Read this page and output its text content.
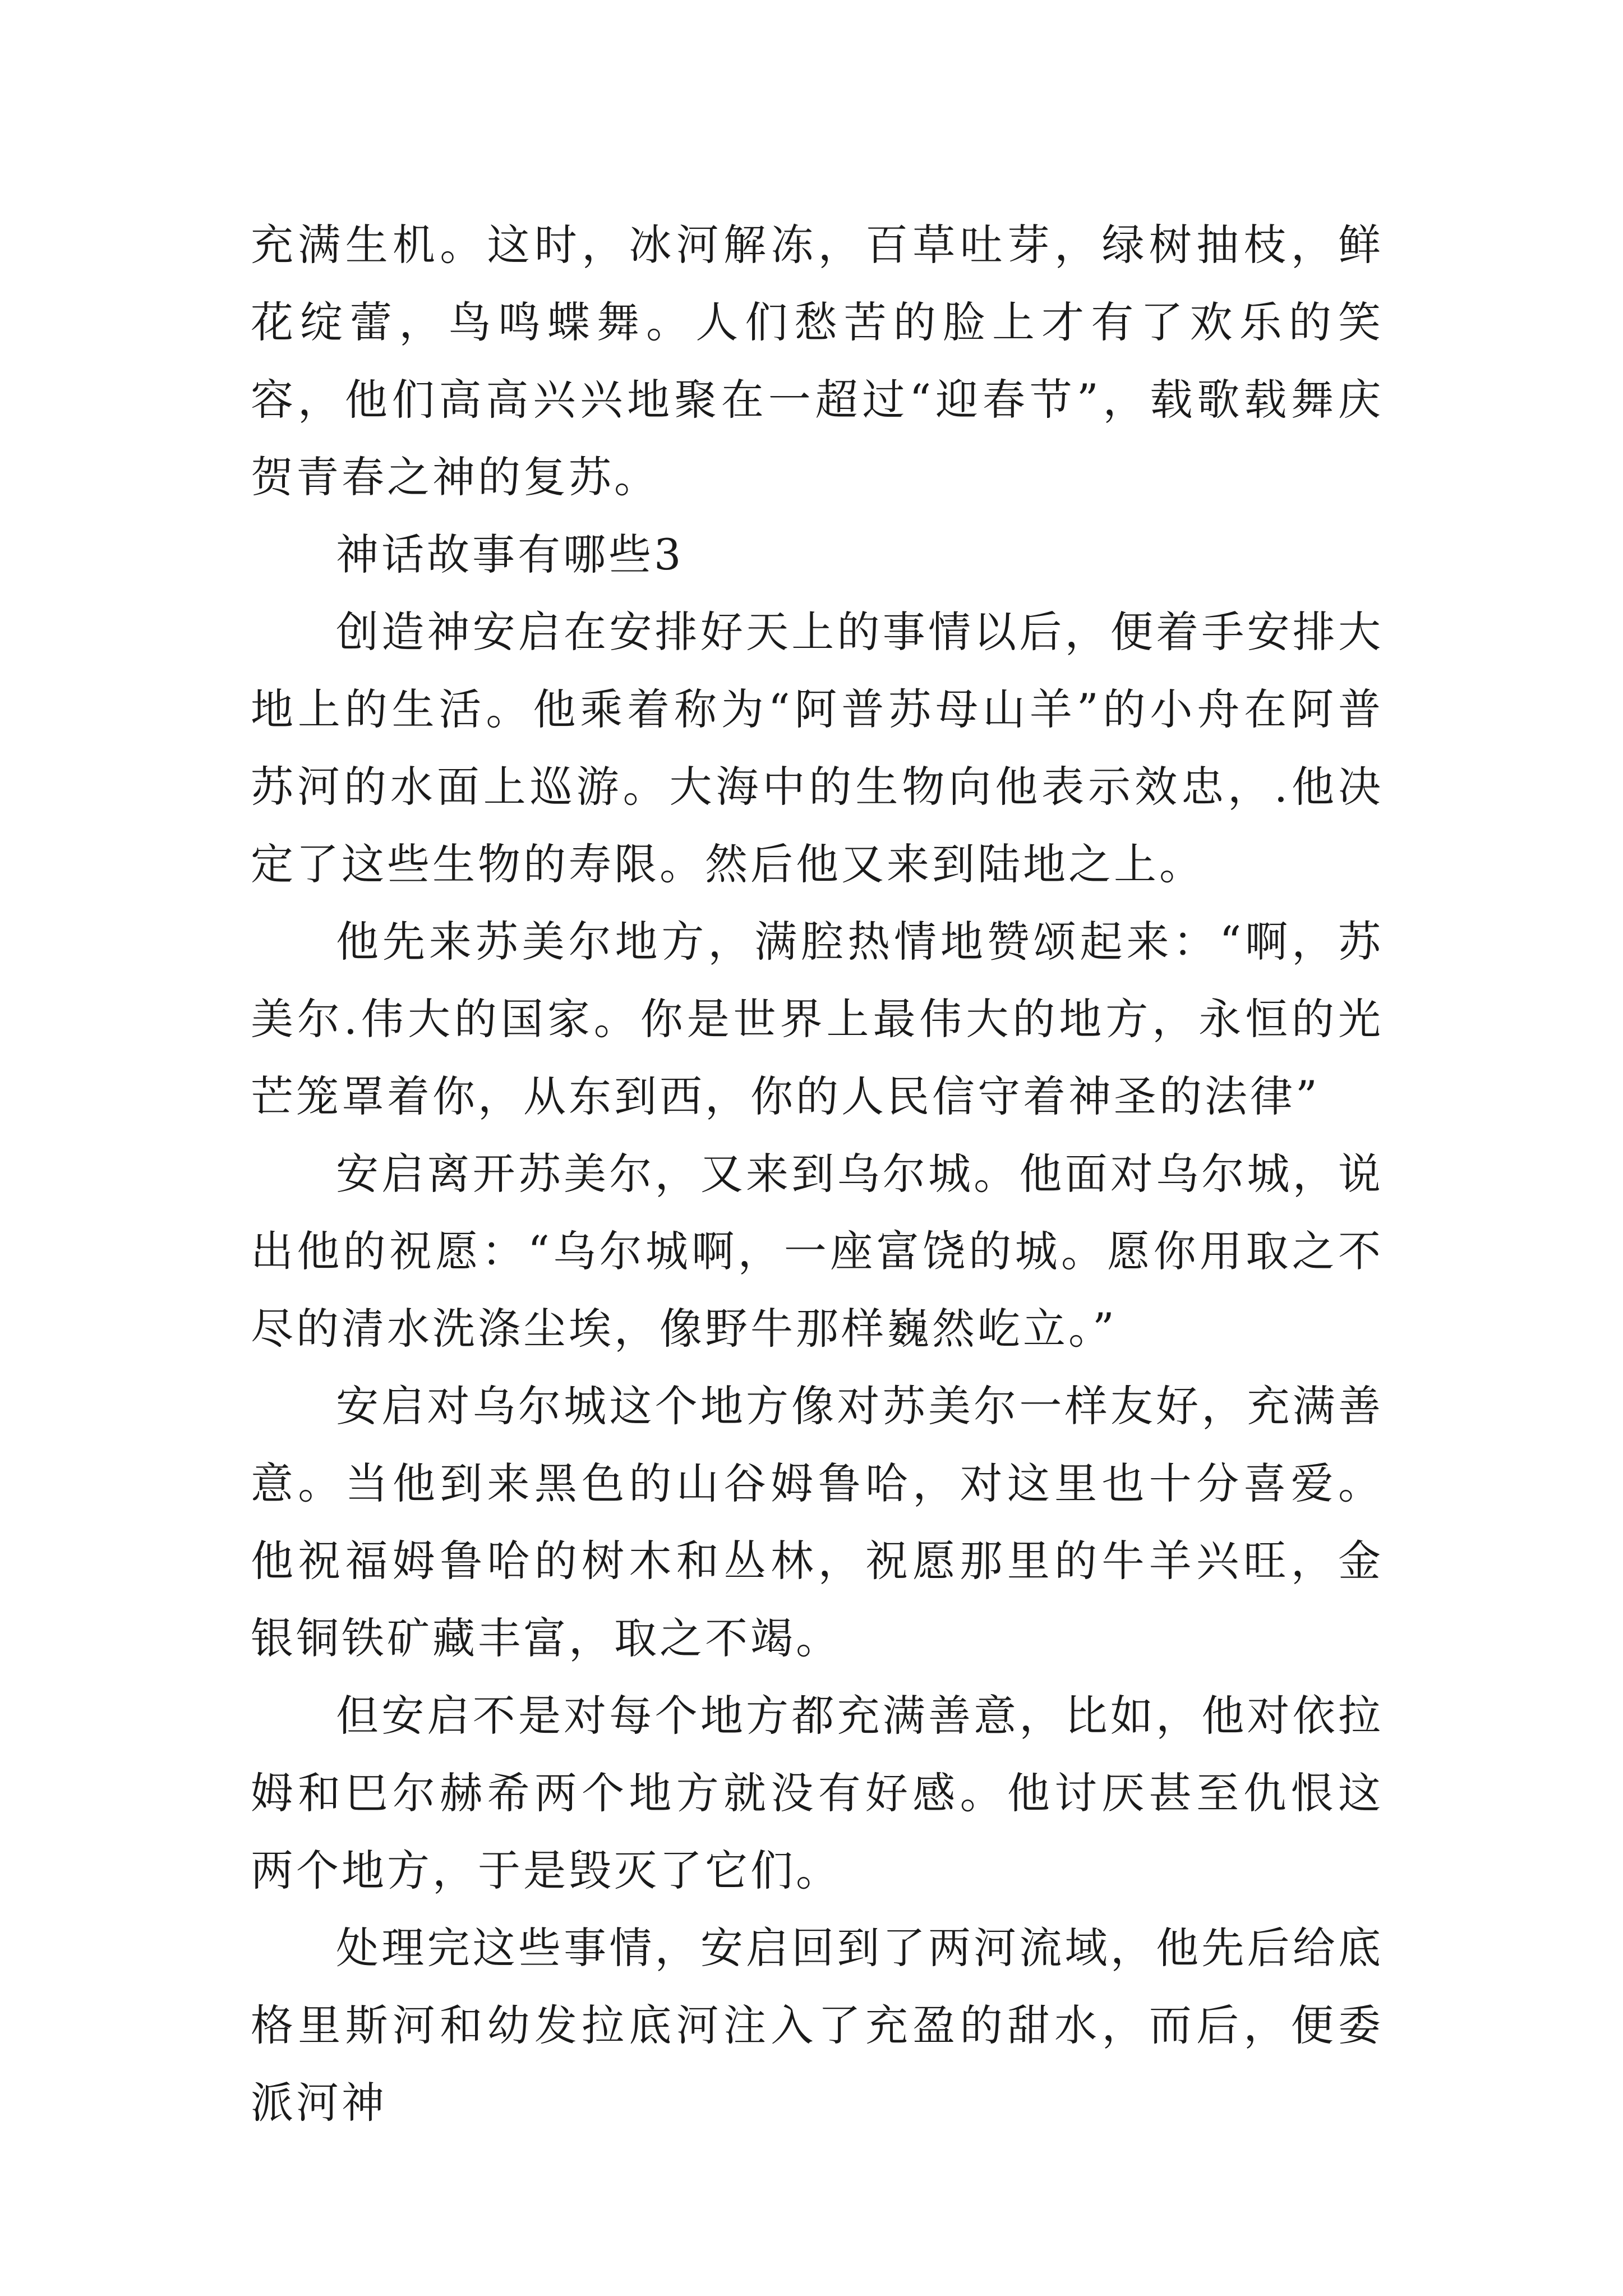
充满生机。这时，冰河解冻，百草吐芽，绿树抽枝，鲜花绽蕾，鸟鸣蝶舞。人们愁苦的脸上才有了欢乐的笑容，他们高高兴兴地聚在一超过“迎春节”，载歌载舞庆贺青春之神的复苏。

神话故事有哪些3

创造神安启在安排好天上的事情以后，便着手安排大地上的生活。他乘着称为“阿普苏母山羊”的小舟在阿普苏河的水面上巡游。大海中的生物向他表示效忠，.他决定了这些生物的寿限。然后他又来到陆地之上。

他先来苏美尔地方，满腔热情地赞颂起来：“啊，苏美尔.伟大的国家。你是世界上最伟大的地方，永恒的光芒笼罩着你，从东到西，你的人民信守着神圣的法律”

安启离开苏美尔，又来到乌尔城。他面对乌尔城，说出他的祝愿：“乌尔城啊，一座富饶的城。愿你用取之不尽的清水洗涤尘埃，像野牛那样巍然屹立。”

安启对乌尔城这个地方像对苏美尔一样友好，充满善意。当他到来黑色的山谷姆鲁哈，对这里也十分喜爱。他祝福姆鲁哈的树木和丛林，祝愿那里的牛羊兴旺，金银铜铁矿藏丰富，取之不竭。

但安启不是对每个地方都充满善意，比如，他对依拉姆和巴尔赫希两个地方就没有好感。他讨厌甚至仇恨这两个地方，于是毁灭了它们。

处理完这些事情，安启回到了两河流域，他先后给底格里斯河和幼发拉底河注入了充盈的甜水，而后，便委派河神
